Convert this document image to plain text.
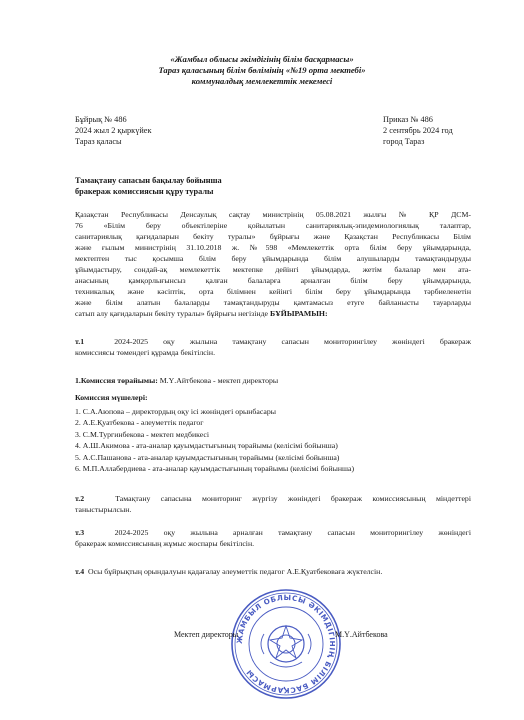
«Жамбыл облысы әкімдігінің білім басқармасы»
Тараз қаласының білім бөлімінің «№19 орта мектебі»
коммуналдық мемлекеттік мекемесі
Бұйрық № 486
2024 жыл 2 қыркүйек
Тараз қаласы
Приказ № 486
2 сентябрь 2024 год
город Тараз
Тамақтану сапасын бақылау бойынша
бракераж комиссиясын құру туралы
Қазақстан Республикасы Денсаулық сақтау министрінің 05.08.2021 жылғы № ҚР ДСМ-
76 «Білім беру объектілеріне қойылатын санитариялық-эпидемиологиялық талаптар,
санитариялық қағидаларын бекіту туралы» бұйрығы және Қазақстан Республикасы Білім
және ғылым министрінің 31.10.2018 ж. №598 «Мемлекеттік орта білім беру ұйымдарында,
мектептен тыс қосымша білім беру ұйымдарында білім алушыларды тамақтандыруды
ұйымдастыру, сондай-ақ мемлекеттік мектепке дейінгі ұйымдарда, жетім балалар мен ата-
анасының қамқорлығынсыз қалған балаларға арналған білім беру ұйымдарында,
техникалық және кәсіптік, орта білімнен кейінгі білім беру ұйымдарында тәрбиеленетін
және білім алатын балаларды тамақтандыруды қамтамасыз етуге байланысты тауарларды
сатып алу қағидаларын бекіту туралы» бұйрығы негізінде БҰЙЫРАМЫН:
т.1	2024-2025 оқу жылына тамақтану сапасын мониторингілеу жөніндегі бракераж
комиссиясы төмендегі құрамда бекітілсін.
1.Комиссия төрайымы: М.Ү.Айтбекова - мектеп директоры
Комиссия мүшелері:
1. С.А.Аюпова – директордың оқу ісі жөніндегі орынбасары
2. А.Е.Қуатбекова - әлеуметтік педагог
3. С.М.Тургинбекова - мектеп медбикесі
4. А.Ш.Акимова - ата-аналар қауымдастығының төрайымы (келісімі бойынша)
5. А.С.Пашанова - ата-аналар қауымдастығының төрайымы (келісімі бойынша)
6. М.П.Аллабердиева - ата-аналар қауымдастығының төрайымы (келісімі бойынша)
т.2	Тамақтану сапасына мониторинг жүргізу жөніндегі бракераж комиссиясының міндеттері
таныстырылсын.
т.3	2024-2025 оқу жылына арналған тамақтану сапасын мониторингілеу жөніндегі
бракераж комиссиясының жұмыс жоспары бекітілсін.
т.4 Осы бұйрықтың орындалуын қадағалау әлеуметтік педагог А.Е.Қуатбековаға жүктелсін.
ЖАМБЫЛ ОБЛЫСЫ ӘКІМДІГІНІҢ БІЛІМ БАСҚАРМАСЫ
Мектеп директоры	М.Ү.Айтбекова
